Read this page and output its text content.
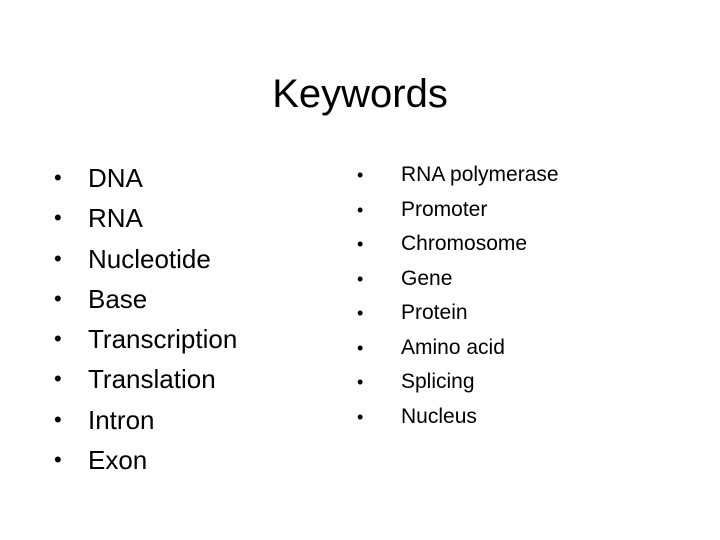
Keywords
• DNA
• RNA
• Nucleotide
• Base
• Transcription
• Translation
• Intron
• Exon
• RNA polymerase
• Promoter
• Chromosome
• Gene
• Protein
• Amino acid
• Splicing
• Nucleus
